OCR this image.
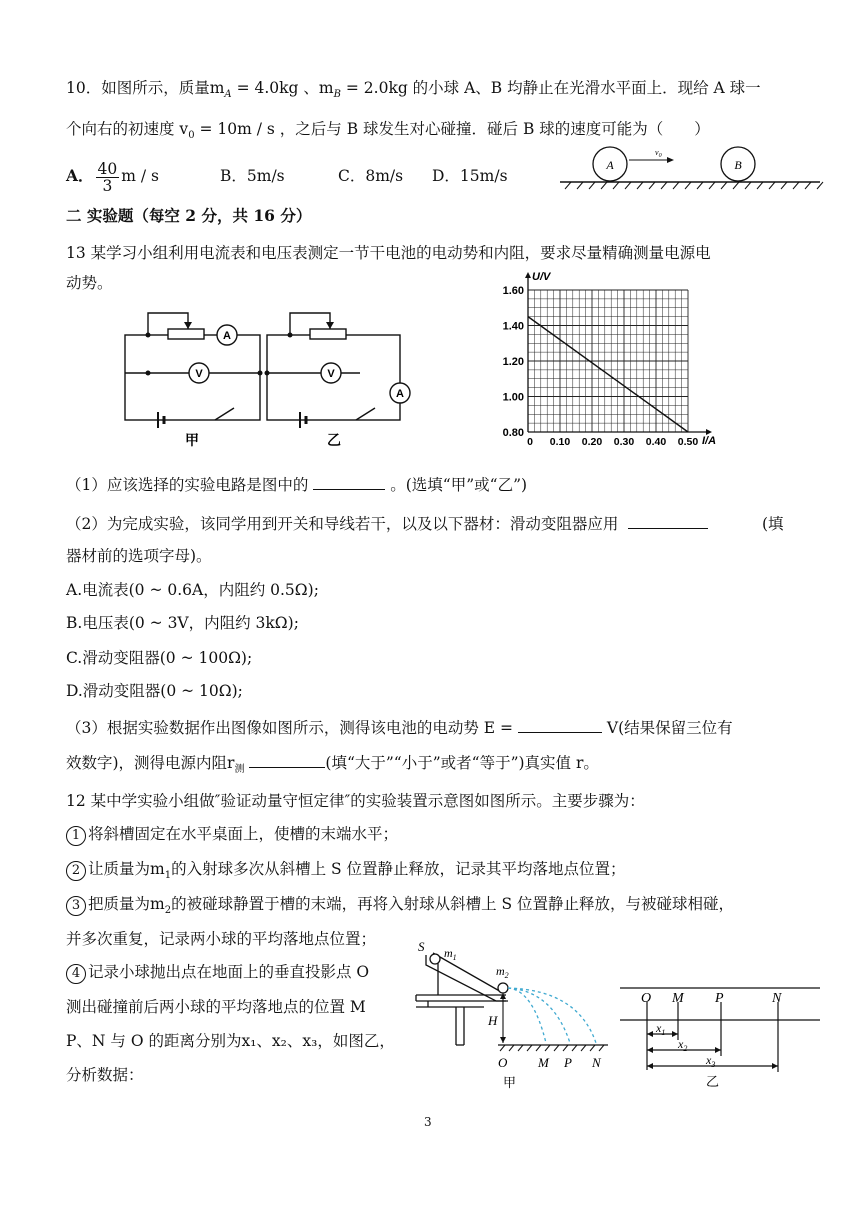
10．如图所示，质量$m_A = 4.0kg$ 、$m_B = 2.0kg$ 的小球 A、B 均静止在光滑水平面上．现给 A 球一
个向右的初速度 $v_0 = 10m / s$ ，之后与 B 球发生对心碰撞．碰后 B 球的速度可能为（　　）
A． $\frac{40}{3}$ m / s	B．5m/s	C．8m/s D．15m/s
A
$v_0$
B
二 实验题（每空 2 分，共 16 分）
13 某学习小组利用电流表和电压表测定一节干电池的电动势和内阻，要求尽量精确测量电源电
动势。
A
V	V
A
甲	乙	0.80
1.00
1.20
1.40
1.60
0 0.10 0.20 0.30 0.40 0.50
U/V
I/A
（1）应该选择的实验电路是图中的	。(选填“甲”或“乙”)
（2）为完成实验，该同学用到开关和导线若干，以及以下器材：滑动变阻器应用	(填
器材前的选项字母)。
A.电流表(0 ~ 0.6A，内阻约 0.5Ω);
B.电压表(0 ~ 3V，内阻约 3kΩ);
C.滑动变阻器(0 ~ 100Ω);
D.滑动变阻器(0 ~ 10Ω);
（3）根据实验数据作出图像如图所示，测得该电池的电动势 E =	V(结果保留三位有
效数字)，测得电源内阻$r_测$	(填“大于”“小于”或者“等于”)真实值 r。
12 某中学实验小组做″验证动量守恒定律″的实验装置示意图如图所示。主要步骤为：
1 将斜槽固定在水平桌面上，使槽的末端水平；
2 让质量为$m_1$的入射球多次从斜槽上 S 位置静止释放，记录其平均落地点位置；
3 把质量为$m_2$的被碰球静置于槽的末端，再将入射球从斜槽上 S 位置静止释放，与被碰球相碰，
并多次重复，记录两小球的平均落地点位置；
4 记录小球抛出点在地面上的垂直投影点 O
测出碰撞前后两小球的平均落地点的位置 M
P、N 与 O 的距离分别为x₁、x₂、x₃，如图乙，
分析数据：
S $m_1$
$m_2$
H
O M P N
甲
O M P	N
$x_1$
$x_2$
$x_3$
乙
3
